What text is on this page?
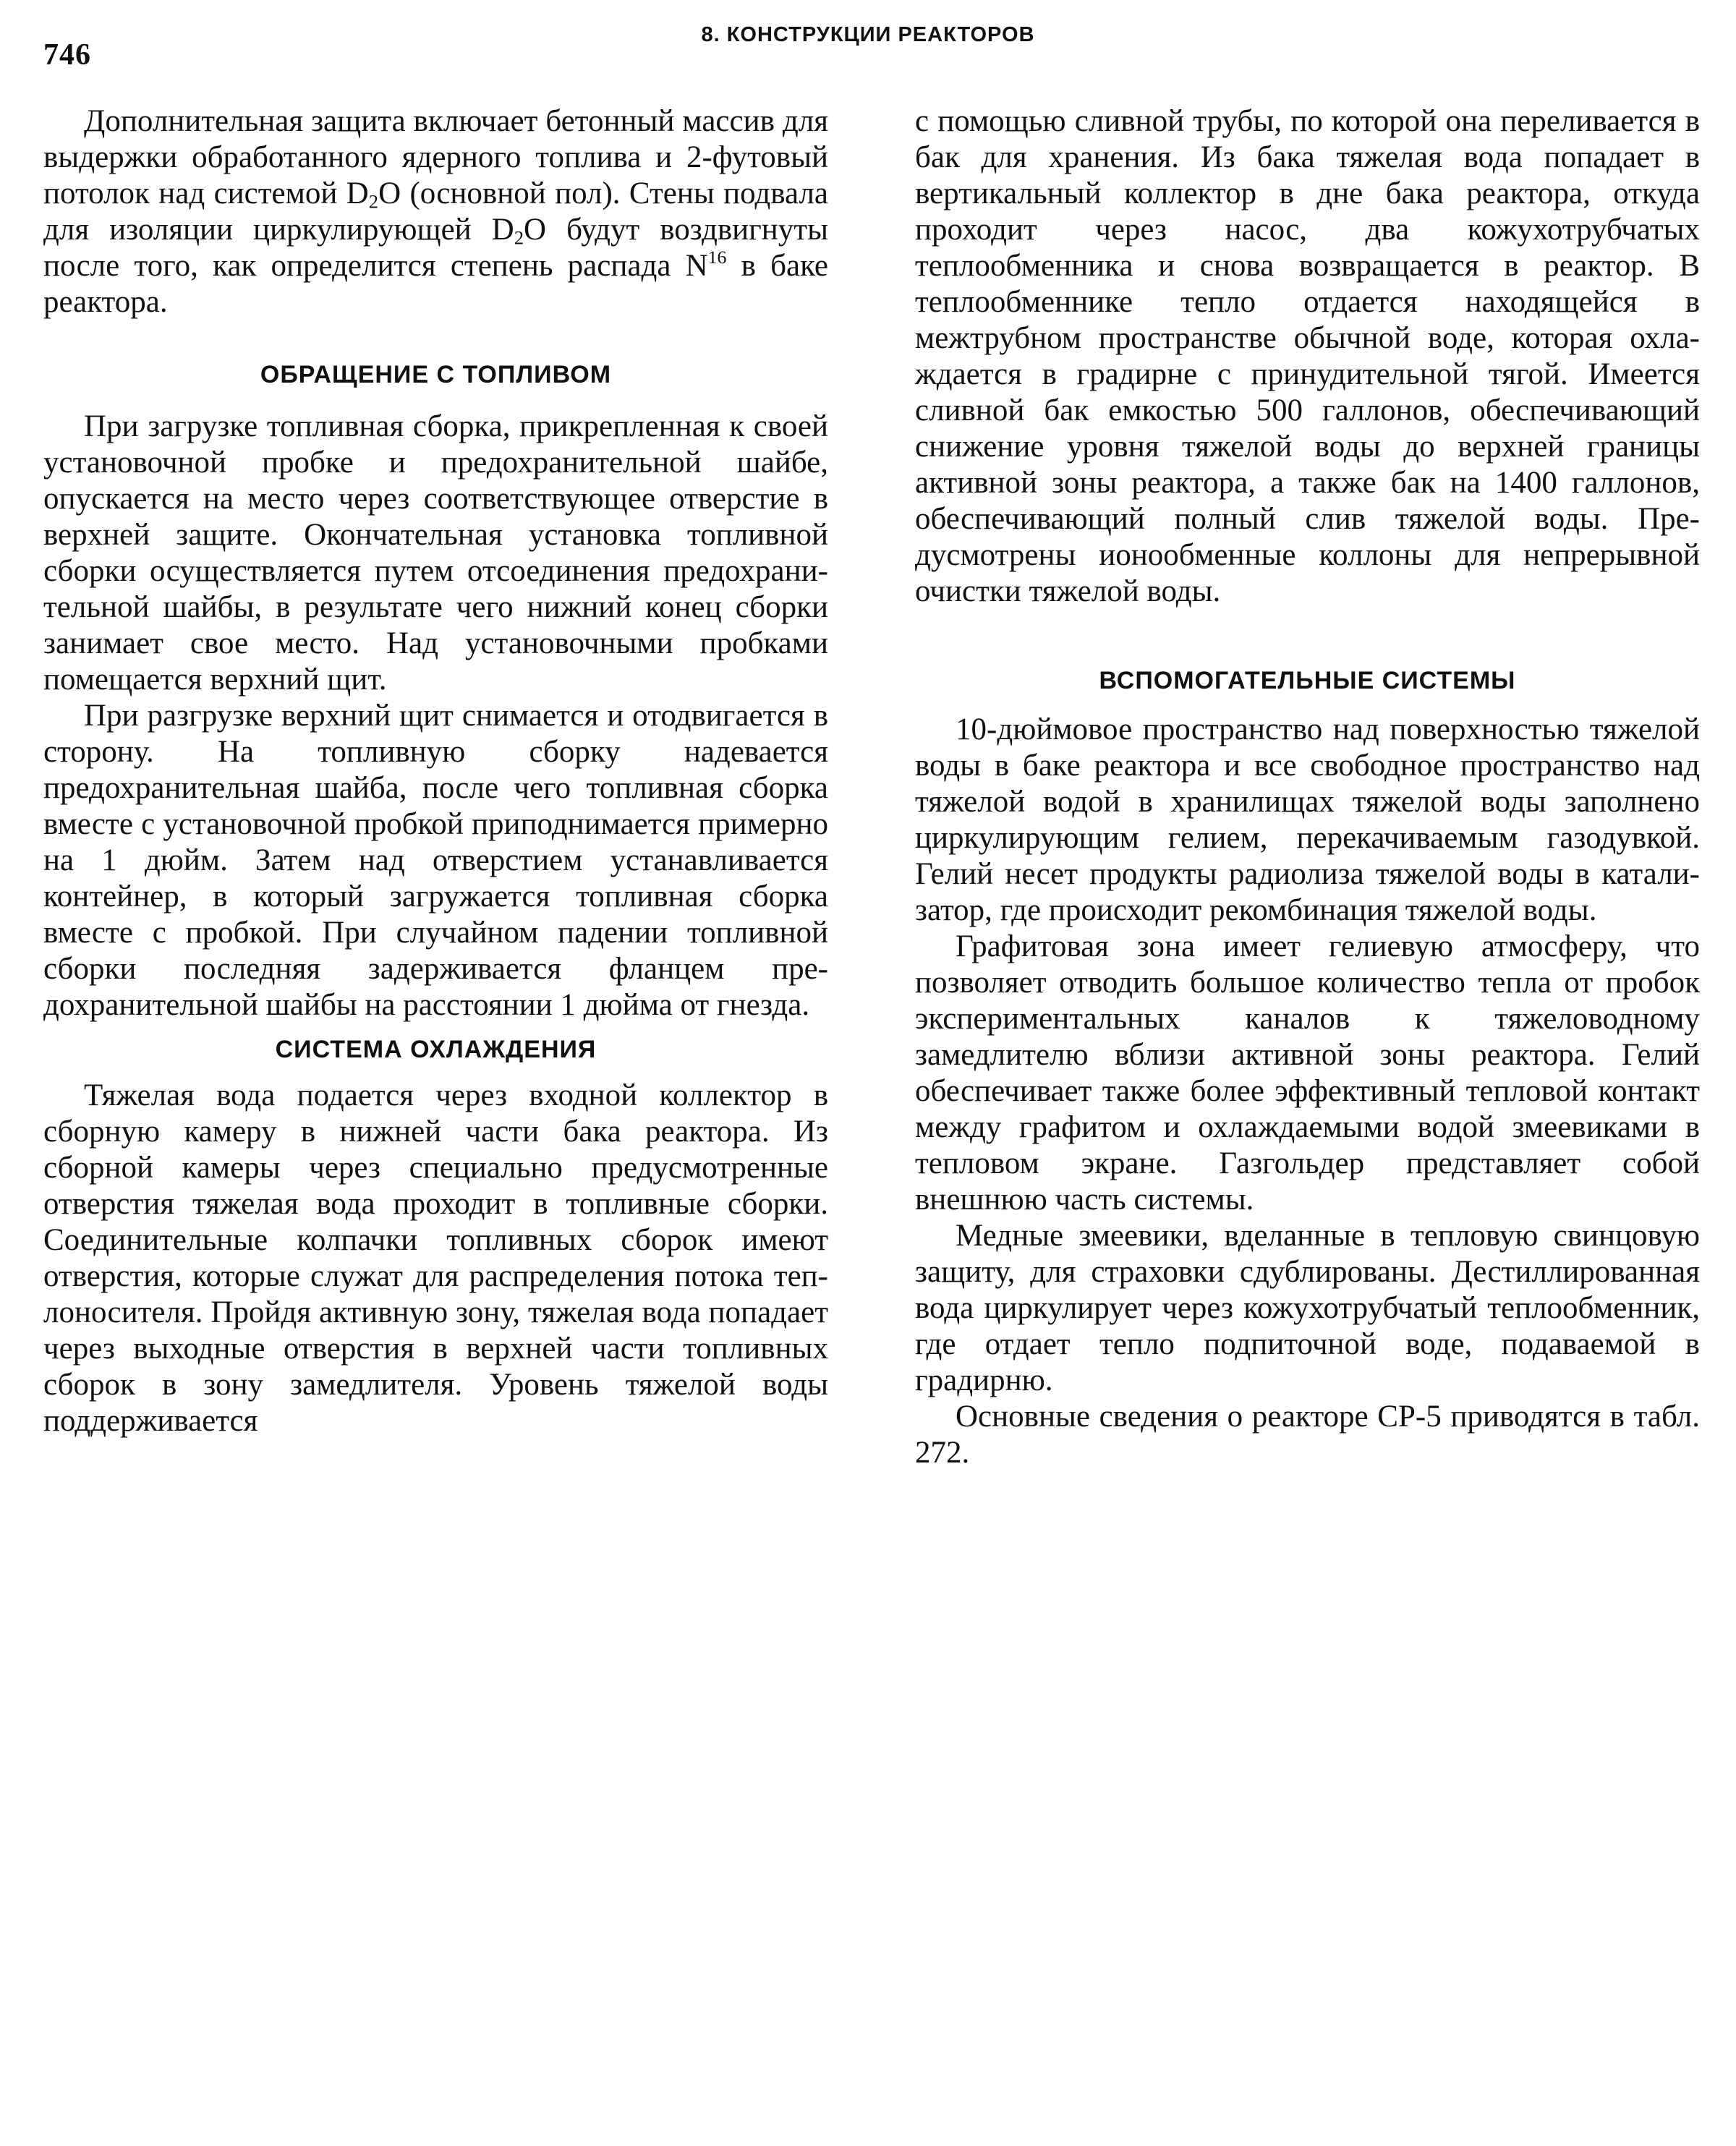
746
8. КОНСТРУКЦИИ РЕАКТОРОВ

Дополнительная защита включает бетонный массив для выдержки обработанного ядерного топлива и 2-футовый потолок над системой $D_2O$ (основной пол). Стены подвала для изоляции циркулирующей $D_2O$ будут воздвигнуты после того, как определится степень распада $N^{16}$ в баке реактора.

ОБРАЩЕНИЕ С ТОПЛИВОМ

При загрузке топливная сборка, прикрепленная к своей установочной пробке и предохранительной шайбе, опускается на место через соответствующее отверстие в верхней защите. Окончательная установка топливной сборки осуществляется путем отсоединения предохранительной шайбы, в результате чего нижний конец сборки занимает свое место. Над установочными пробками помещается верхний щит.

При разгрузке верхний щит снимается и отодвигается в сторону. На топливную сборку надевается предохранительная шайба, после чего топливная сборка вместе с установочной пробкой приподнимается примерно на 1 дюйм. Затем над отверстием устанавливается контейнер, в который загружается топливная сборка вместе с пробкой. При случайном падении топливной сборки последняя задерживается фланцем предохранительной шайбы на расстоянии 1 дюйма от гнезда.

СИСТЕМА ОХЛАЖДЕНИЯ

Тяжелая вода подается через входной коллектор в сборную камеру в нижней части бака реактора. Из сборной камеры через специально предусмотренные отверстия тяжелая вода проходит в топливные сборки. Соединительные колпачки топливных сборок имеют отверстия, которые служат для распределения потока теплоносителя. Пройдя активную зону, тяжелая вода попадает через выходные отверстия в верхней части топливных сборок в зону замедлителя. Уровень тяжелой воды поддерживается

с помощью сливной трубы, по которой она переливается в бак для хранения. Из бака тяжелая вода попадает в вертикальный коллектор в дне бака реактора, откуда проходит через насос, два кожухотрубчатых теплообменника и снова возвращается в реактор. В теплообменнике тепло отдается находящейся в межтрубном пространстве обычной воде, которая охлаждается в градирне с принудительной тягой. Имеется сливной бак емкостью 500 галлонов, обеспечивающий снижение уровня тяжелой воды до верхней границы активной зоны реактора, а также бак на 1400 галлонов, обеспечивающий полный слив тяжелой воды. Предусмотрены ионообменные коллоны для непрерывной очистки тяжелой воды.

ВСПОМОГАТЕЛЬНЫЕ СИСТЕМЫ

10-дюймовое пространство над поверхностью тяжелой воды в баке реактора и все свободное пространство над тяжелой водой в хранилищах тяжелой воды заполнено циркулирующим гелием, перекачиваемым газодувкой. Гелий несет продукты радиолиза тяжелой воды в катализатор, где происходит рекомбинация тяжелой воды.

Графитовая зона имеет гелиевую атмосферу, что позволяет отводить большое количество тепла от пробок экспериментальных каналов к тяжеловодному замедлителю вблизи активной зоны реактора. Гелий обеспечивает также более эффективный тепловой контакт между графитом и охлаждаемыми водой змеевиками в тепловом экране. Газгольдер представляет собой внешнюю часть системы.

Медные змеевики, вделанные в тепловую свинцовую защиту, для страховки сдублированы. Дестиллированная вода циркулирует через кожухотрубчатый теплообменник, где отдает тепло подпиточной воде, подаваемой в градирню.

Основные сведения о реакторе СР-5 приводятся в табл. 272.
